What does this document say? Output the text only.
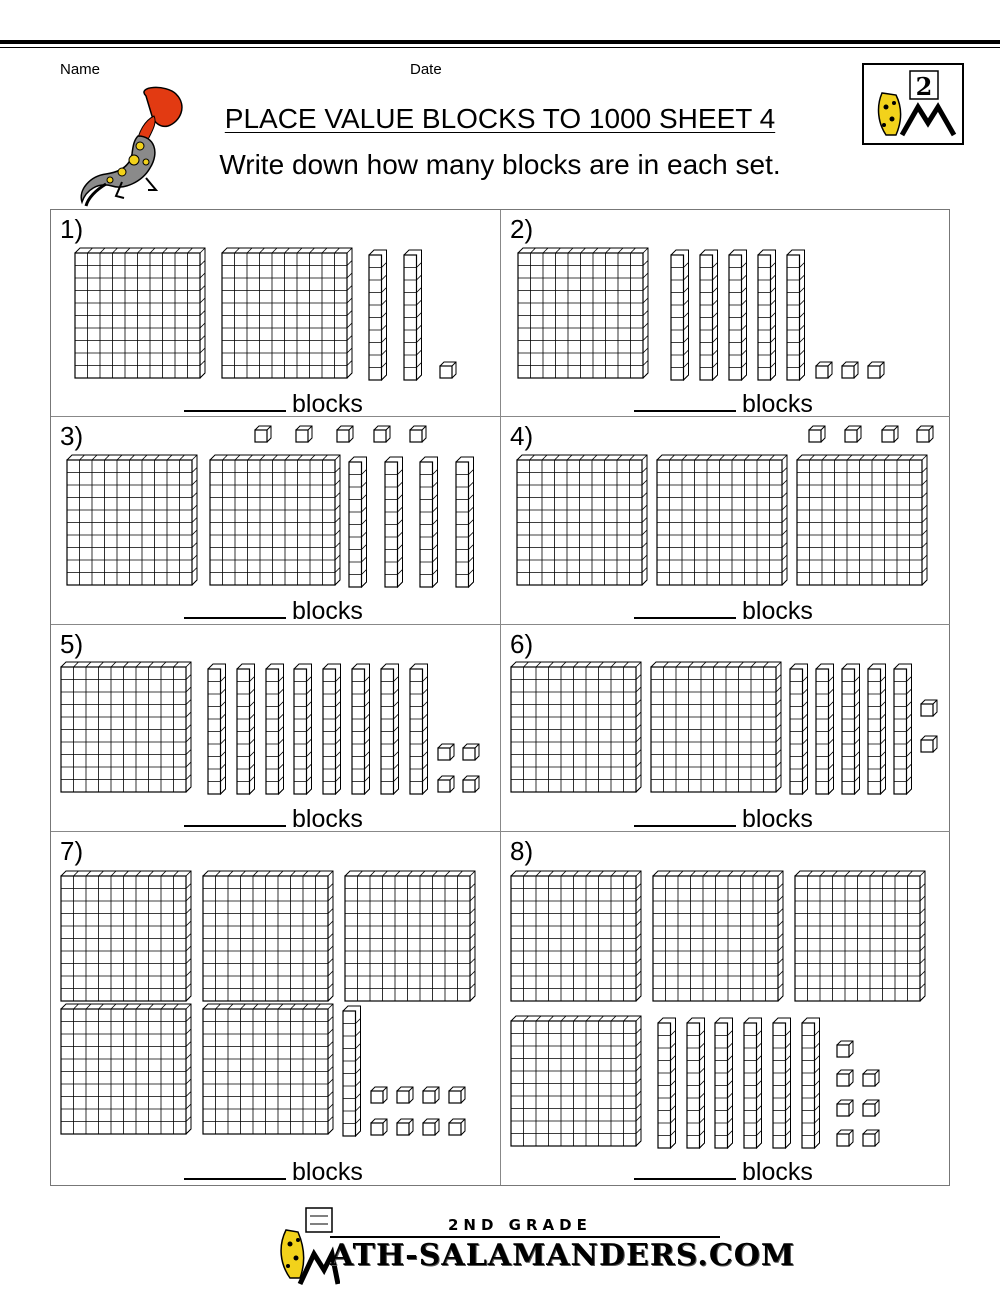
Name	Date
2
PLACE VALUE BLOCKS TO 1000 SHEET 4
Write down how many blocks are in each set.
1)
blocks
2)
blocks
3)
blocks
4)
blocks
5)
blocks
6)
blocks
7)
blocks
8)
blocks
2ND GRADE
ATH-SALAMANDERS.COM
